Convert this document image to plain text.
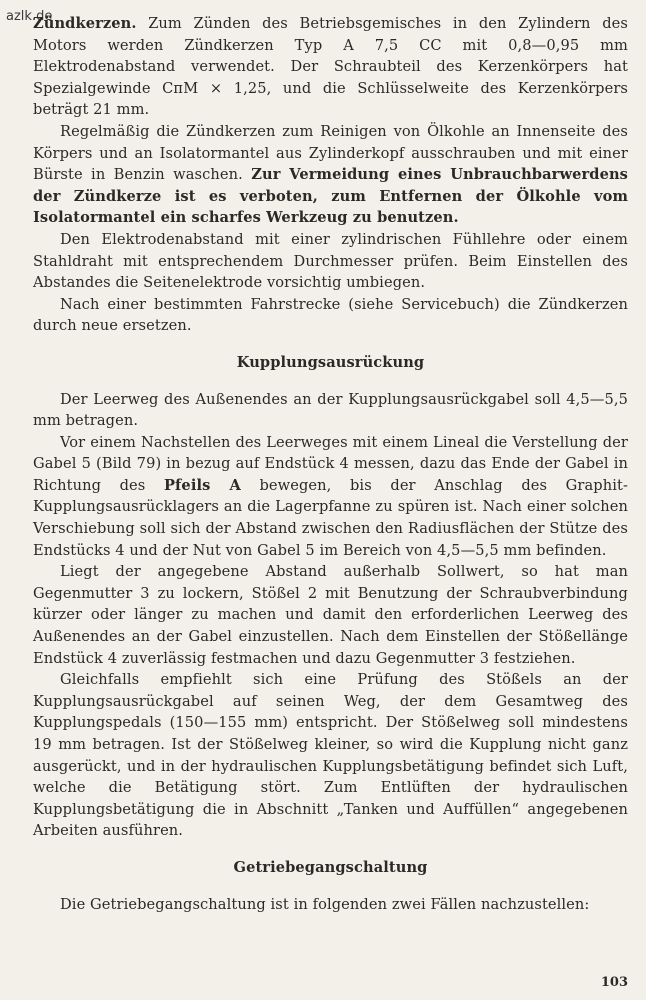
azlk.de

Zündkerzen. Zum Zünden des Betriebsgemisches in den Zylindern des Motors werden Zündkerzen Typ A 7,5 CC mit 0,8—0,95 mm Elektrodenabstand verwendet. Der Schraubteil des Kerzenkörpers hat Spezialgewinde CпM × 1,25, und die Schlüsselweite des Kerzenkörpers beträgt 21 mm.

Regelmäßig die Zündkerzen zum Reinigen von Ölkohle an Innenseite des Körpers und an Isolatormantel aus Zylinderkopf ausschrauben und mit einer Bürste in Benzin waschen. Zur Vermeidung eines Unbrauchbarwerdens der Zündkerze ist es verboten, zum Entfernen der Ölkohle vom Isolatormantel ein scharfes Werkzeug zu benutzen.

Den Elektrodenabstand mit einer zylindrischen Fühllehre oder einem Stahldraht mit entsprechendem Durchmesser prüfen. Beim Einstellen des Abstandes die Seitenelektrode vorsichtig umbiegen.

Nach einer bestimmten Fahrstrecke (siehe Servicebuch) die Zündkerzen durch neue ersetzen.

Kupplungsausrückung

Der Leerweg des Außenendes an der Kupplungsausrückgabel soll 4,5—5,5 mm betragen.

Vor einem Nachstellen des Leerweges mit einem Lineal die Verstellung der Gabel 5 (Bild 79) in bezug auf Endstück 4 messen, dazu das Ende der Gabel in Richtung des Pfeils A bewegen, bis der Anschlag des Graphit-Kupplungsausrücklagers an die Lagerpfanne zu spüren ist. Nach einer solchen Verschiebung soll sich der Abstand zwischen den Radiusflächen der Stütze des Endstücks 4 und der Nut von Gabel 5 im Bereich von 4,5—5,5 mm befinden.

Liegt der angegebene Abstand außerhalb Sollwert, so hat man Gegenmutter 3 zu lockern, Stößel 2 mit Benutzung der Schraubverbindung kürzer oder länger zu machen und damit den erforderlichen Leerweg des Außenendes an der Gabel einzustellen. Nach dem Einstellen der Stößellänge Endstück 4 zuverlässig festmachen und dazu Gegenmutter 3 festziehen.

Gleichfalls empfiehlt sich eine Prüfung des Stößels an der Kupplungsausrückgabel auf seinen Weg, der dem Gesamtweg des Kupplungspedals (150—155 mm) entspricht. Der Stößelweg soll mindestens 19 mm betragen. Ist der Stößelweg kleiner, so wird die Kupplung nicht ganz ausgerückt, und in der hydraulischen Kupplungsbetätigung befindet sich Luft, welche die Betätigung stört. Zum Entlüften der hydraulischen Kupplungsbetätigung die in Abschnitt „Tanken und Auffüllen“ angegebenen Arbeiten ausführen.

Getriebegangschaltung

Die Getriebegangschaltung ist in folgenden zwei Fällen nachzustellen:

103
